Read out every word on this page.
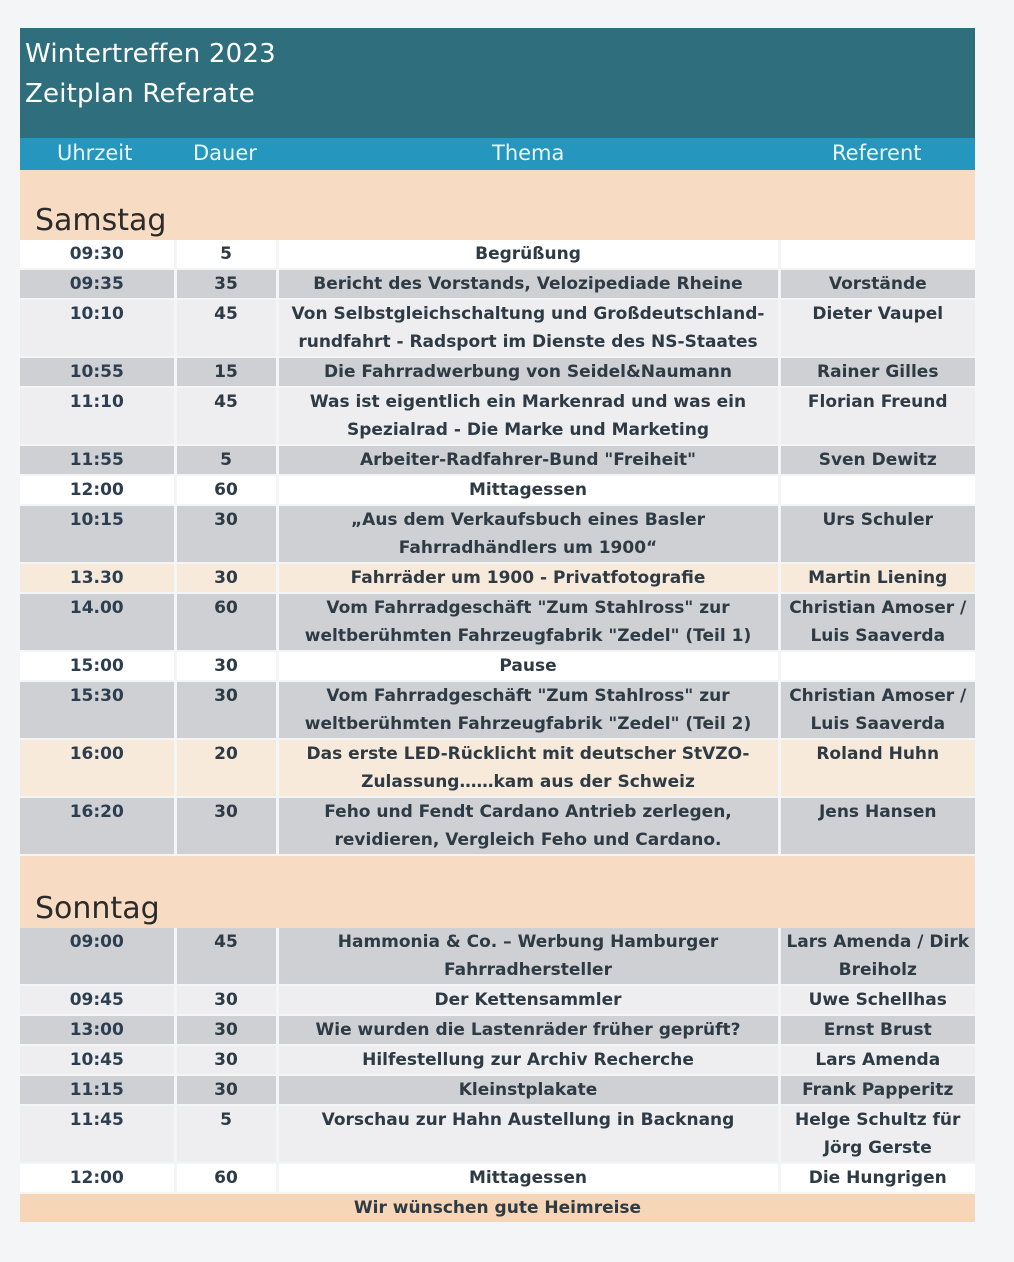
Wintertreffen 2023
Zeitplan Referate
Uhrzeit	Dauer	Thema	Referent
Samstag
09:30	5	Begrüßung	
09:35	35	Bericht des Vorstands, Velozipediade Rheine	Vorstände
10:10	45	Von Selbstgleichschaltung und Großdeutschland-rundfahrt - Radsport im Dienste des NS-Staates	Dieter Vaupel
10:55	15	Die Fahrradwerbung von Seidel&Naumann	Rainer Gilles
11:10	45	Was ist eigentlich ein Markenrad und was ein Spezialrad - Die Marke und Marketing	Florian Freund
11:55	5	Arbeiter-Radfahrer-Bund "Freiheit"	Sven Dewitz
12:00	60	Mittagessen	
10:15	30	„Aus dem Verkaufsbuch eines Basler Fahrradhändlers um 1900“	Urs Schuler
13.30	30	Fahrräder um 1900 - Privatfotografie	Martin Liening
14.00	60	Vom Fahrradgeschäft "Zum Stahlross" zur weltberühmten Fahrzeugfabrik "Zedel" (Teil 1)	Christian Amoser / Luis Saaverda
15:00	30	Pause	
15:30	30	Vom Fahrradgeschäft "Zum Stahlross" zur weltberühmten Fahrzeugfabrik "Zedel" (Teil 2)	Christian Amoser / Luis Saaverda
16:00	20	Das erste LED-Rücklicht mit deutscher StVZO-Zulassung……kam aus der Schweiz	Roland Huhn
16:20	30	Feho und Fendt Cardano Antrieb zerlegen, revidieren, Vergleich Feho und Cardano.	Jens Hansen
Sonntag
09:00	45	Hammonia & Co. – Werbung Hamburger Fahrradhersteller	Lars Amenda / Dirk Breiholz
09:45	30	Der Kettensammler	Uwe Schellhas
13:00	30	Wie wurden die Lastenräder früher geprüft?	Ernst Brust
10:45	30	Hilfestellung zur Archiv Recherche	Lars Amenda
11:15	30	Kleinstplakate	Frank Papperitz
11:45	5	Vorschau zur Hahn Austellung in Backnang	Helge Schultz für Jörg Gerste
12:00	60	Mittagessen	Die Hungrigen
Wir wünschen gute Heimreise
